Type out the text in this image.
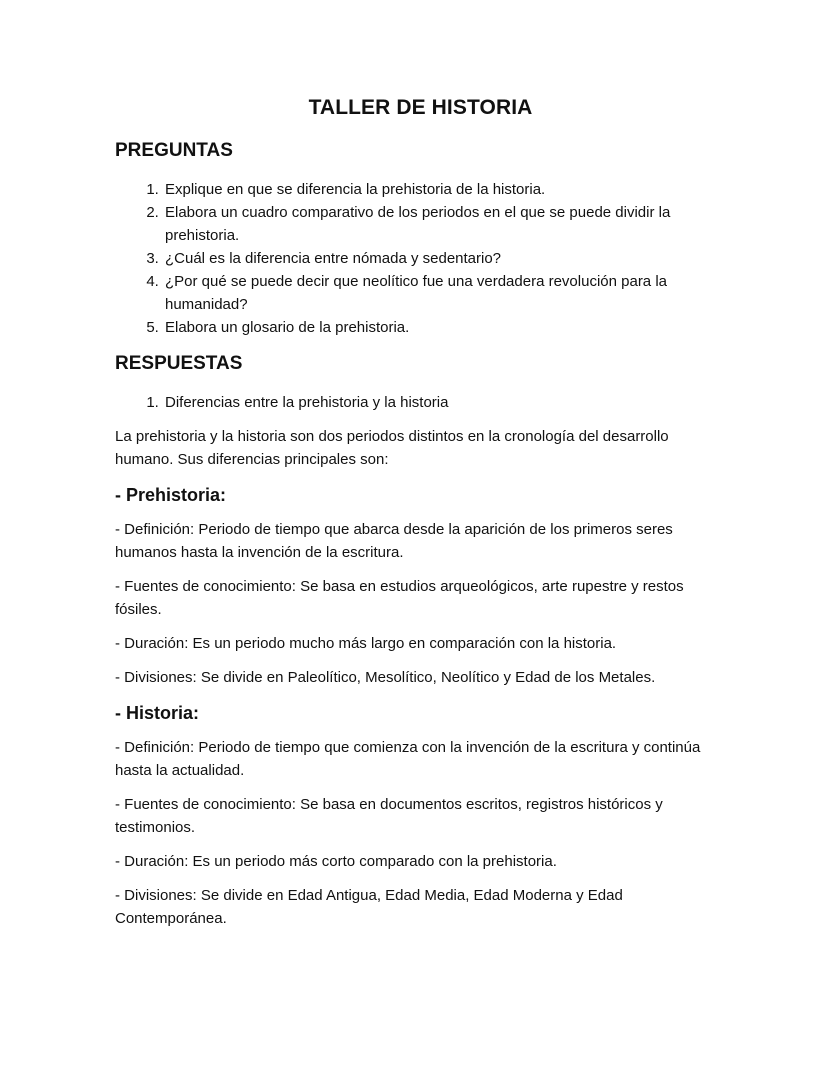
TALLER DE HISTORIA
PREGUNTAS
1. Explique en que se diferencia la prehistoria de la historia.
2. Elabora un cuadro comparativo de los periodos en el que se puede dividir la prehistoria.
3. ¿Cuál es la diferencia entre nómada y sedentario?
4. ¿Por qué se puede decir que neolítico fue una verdadera revolución para la humanidad?
5. Elabora un glosario de la prehistoria.
RESPUESTAS
1. Diferencias entre la prehistoria y la historia

La prehistoria y la historia son dos periodos distintos en la cronología del desarrollo humano. Sus diferencias principales son:

- Prehistoria:

- Definición: Periodo de tiempo que abarca desde la aparición de los primeros seres humanos hasta la invención de la escritura.

- Fuentes de conocimiento: Se basa en estudios arqueológicos, arte rupestre y restos fósiles.

- Duración: Es un periodo mucho más largo en comparación con la historia.

- Divisiones: Se divide en Paleolítico, Mesolítico, Neolítico y Edad de los Metales.

- Historia:

- Definición: Periodo de tiempo que comienza con la invención de la escritura y continúa hasta la actualidad.

- Fuentes de conocimiento: Se basa en documentos escritos, registros históricos y testimonios.

- Duración: Es un periodo más corto comparado con la prehistoria.

- Divisiones: Se divide en Edad Antigua, Edad Media, Edad Moderna y Edad Contemporánea.
